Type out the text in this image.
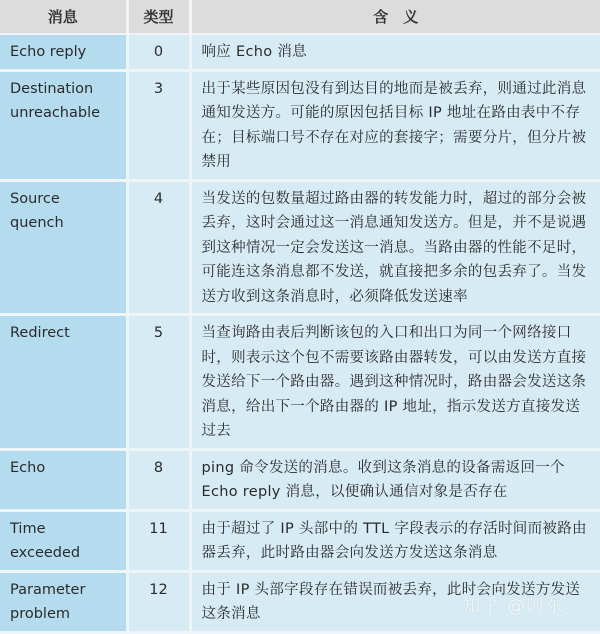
消息	类型	含　义
Echo reply	0	响应 Echo 消息
Destination unreachable	3	出于某些原因包没有到达目的地而是被丢弃，则通过此消息通知发送方。可能的原因包括目标 IP 地址在路由表中不存在；目标端口号不存在对应的套接字；需要分片，但分片被禁用
Source quench	4	当发送的包数量超过路由器的转发能力时，超过的部分会被丢弃，这时会通过这一消息通知发送方。但是，并不是说遇到这种情况一定会发送这一消息。当路由器的性能不足时，可能连这条消息都不发送，就直接把多余的包丢弃了。当发送方收到这条消息时，必须降低发送速率
Redirect	5	当查询路由表后判断该包的入口和出口为同一个网络接口时，则表示这个包不需要该路由器转发，可以由发送方直接发送给下一个路由器。遇到这种情况时，路由器会发送这条消息，给出下一个路由器的 IP 地址，指示发送方直接发送过去
Echo	8	ping 命令发送的消息。收到这条消息的设备需返回一个 Echo reply 消息，以便确认通信对象是否存在
Time exceeded	11	由于超过了 IP 头部中的 TTL 字段表示的存活时间而被路由器丢弃，此时路由器会向发送方发送这条消息
Parameter problem	12	由于 IP 头部字段存在错误而被丢弃，此时会向发送方发送这条消息	知乎 @阿东
